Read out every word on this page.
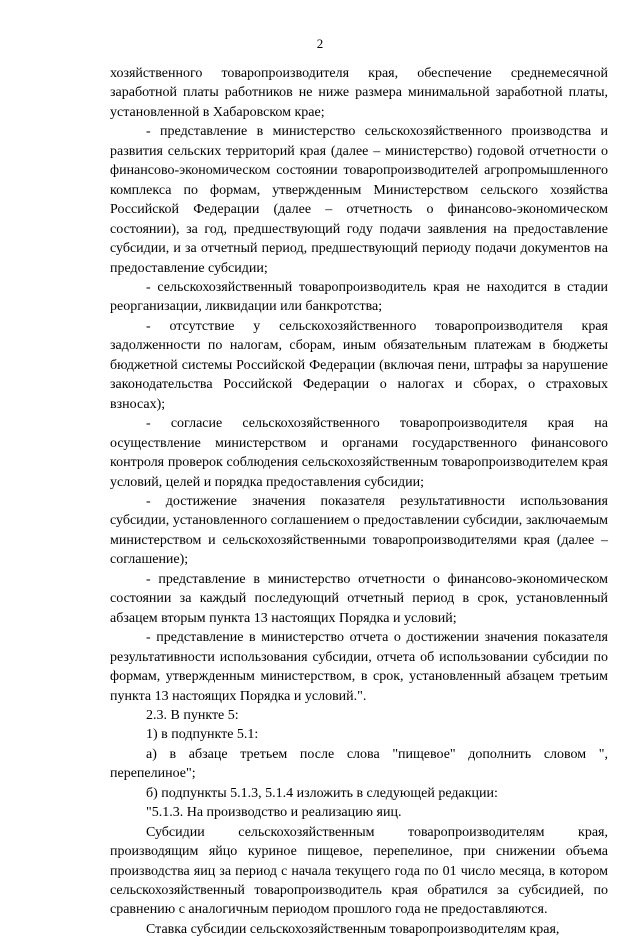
2

хозяйственного товаропроизводителя края, обеспечение среднемесячной заработной платы работников не ниже размера минимальной заработной платы, установленной в Хабаровском крае;

- представление в министерство сельскохозяйственного производства и развития сельских территорий края (далее – министерство) годовой отчетности о финансово-экономическом состоянии товаропроизводителей агропромышленного комплекса по формам, утвержденным Министерством сельского хозяйства Российской Федерации (далее – отчетность о финансово-экономическом состоянии), за год, предшествующий году подачи заявления на предоставление субсидии, и за отчетный период, предшествующий периоду подачи документов на предоставление субсидии;

- сельскохозяйственный товаропроизводитель края не находится в стадии реорганизации, ликвидации или банкротства;

- отсутствие у сельскохозяйственного товаропроизводителя края задолженности по налогам, сборам, иным обязательным платежам в бюджеты бюджетной системы Российской Федерации (включая пени, штрафы за нарушение законодательства Российской Федерации о налогах и сборах, о страховых взносах);

- согласие сельскохозяйственного товаропроизводителя края на осуществление министерством и органами государственного финансового контроля проверок соблюдения сельскохозяйственным товаропроизводителем края условий, целей и порядка предоставления субсидии;

- достижение значения показателя результативности использования субсидии, установленного соглашением о предоставлении субсидии, заключаемым министерством и сельскохозяйственными товаропроизводителями края (далее – соглашение);

- представление в министерство отчетности о финансово-экономическом состоянии за каждый последующий отчетный период в срок, установленный абзацем вторым пункта 13 настоящих Порядка и условий;

- представление в министерство отчета о достижении значения показателя результативности использования субсидии, отчета об использовании субсидии по формам, утвержденным министерством, в срок, установленный абзацем третьим пункта 13 настоящих Порядка и условий.".

2.3. В пункте 5:

1) в подпункте 5.1:

а) в абзаце третьем после слова "пищевое" дополнить словом ", перепелиное";

б) подпункты 5.1.3, 5.1.4 изложить в следующей редакции:

"5.1.3. На производство и реализацию яиц.

Субсидии сельскохозяйственным товаропроизводителям края, производящим яйцо куриное пищевое, перепелиное, при снижении объема производства яиц за период с начала текущего года по 01 число месяца, в котором сельскохозяйственный товаропроизводитель края обратился за субсидией, по сравнению с аналогичным периодом прошлого года не предоставляются.

Ставка субсидии сельскохозяйственным товаропроизводителям края,
